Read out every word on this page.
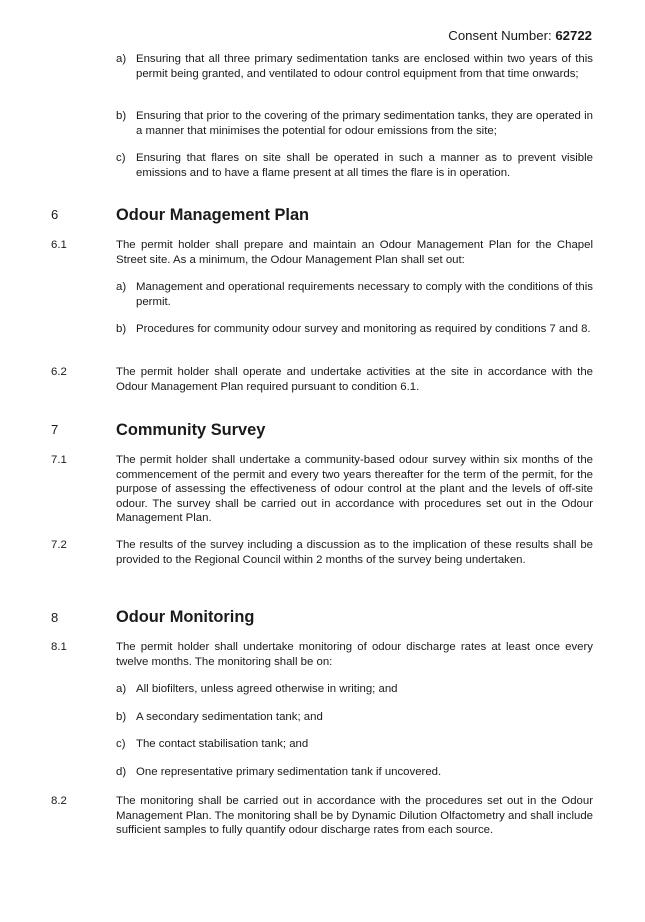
Consent Number: 62722
a) Ensuring that all three primary sedimentation tanks are enclosed within two years of this permit being granted, and ventilated to odour control equipment from that time onwards;
b) Ensuring that prior to the covering of the primary sedimentation tanks, they are operated in a manner that minimises the potential for odour emissions from the site;
c) Ensuring that flares on site shall be operated in such a manner as to prevent visible emissions and to have a flame present at all times the flare is in operation.
6	Odour Management Plan
6.1	The permit holder shall prepare and maintain an Odour Management Plan for the Chapel Street site. As a minimum, the Odour Management Plan shall set out:
a) Management and operational requirements necessary to comply with the conditions of this permit.
b) Procedures for community odour survey and monitoring as required by conditions 7 and 8.
6.2	The permit holder shall operate and undertake activities at the site in accordance with the Odour Management Plan required pursuant to condition 6.1.
7	Community Survey
7.1	The permit holder shall undertake a community-based odour survey within six months of the commencement of the permit and every two years thereafter for the term of the permit, for the purpose of assessing the effectiveness of odour control at the plant and the levels of off-site odour. The survey shall be carried out in accordance with procedures set out in the Odour Management Plan.
7.2	The results of the survey including a discussion as to the implication of these results shall be provided to the Regional Council within 2 months of the survey being undertaken.
8	Odour Monitoring
8.1	The permit holder shall undertake monitoring of odour discharge rates at least once every twelve months. The monitoring shall be on:
a) All biofilters, unless agreed otherwise in writing; and
b) A secondary sedimentation tank; and
c) The contact stabilisation tank; and
d) One representative primary sedimentation tank if uncovered.
8.2	The monitoring shall be carried out in accordance with the procedures set out in the Odour Management Plan. The monitoring shall be by Dynamic Dilution Olfactometry and shall include sufficient samples to fully quantify odour discharge rates from each source.
